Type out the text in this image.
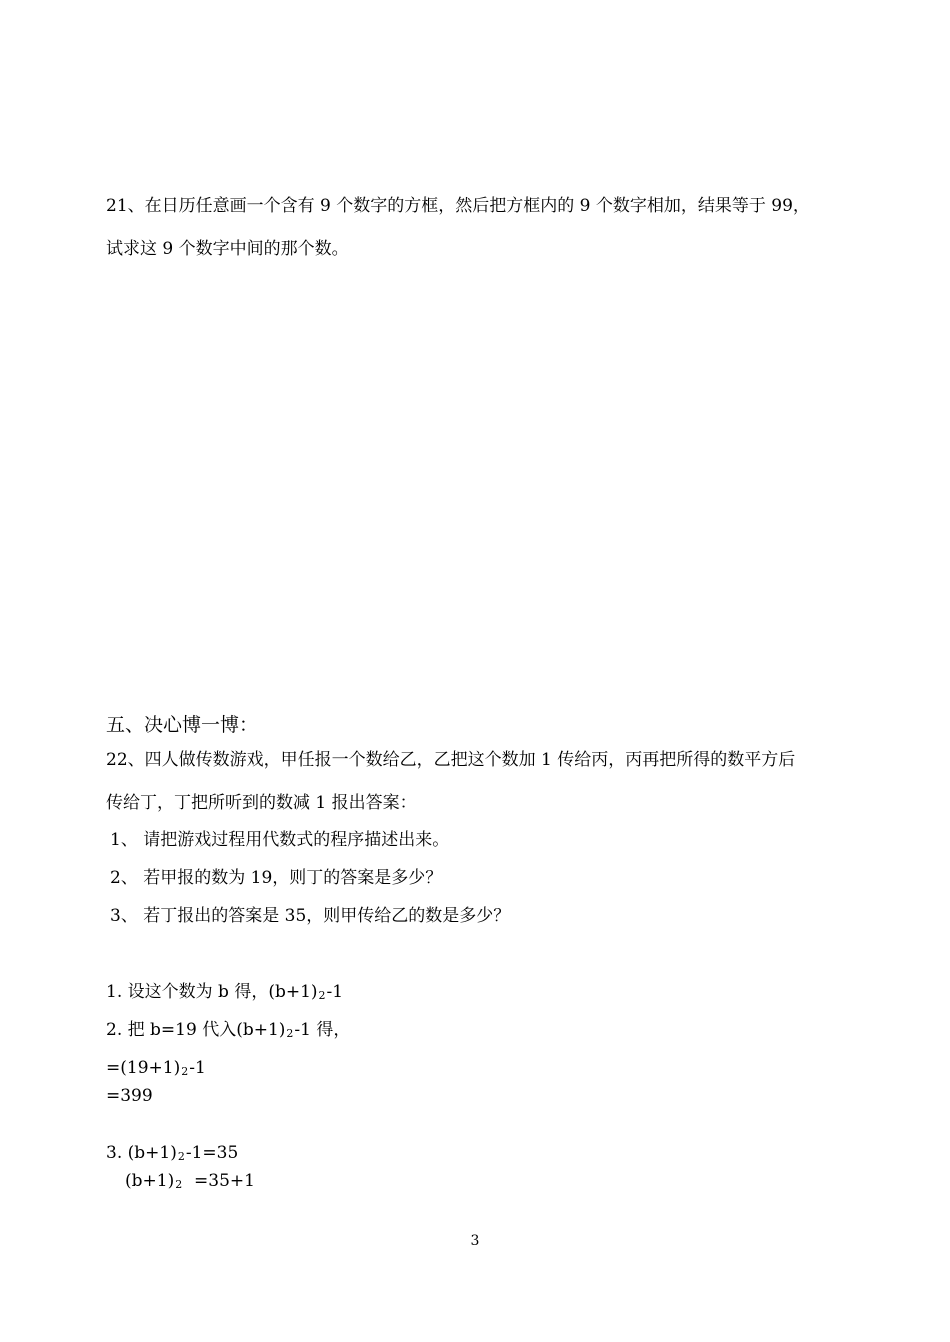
21、在日历任意画一个含有 9 个数字的方框，然后把方框内的 9 个数字相加，结果等于 99，
试求这 9 个数字中间的那个数。
五、决心博一博：
22、四人做传数游戏，甲任报一个数给乙，乙把这个数加 1 传给丙，丙再把所得的数平方后
传给丁，丁把所听到的数减 1 报出答案：
1、 请把游戏过程用代数式的程序描述出来。
2、 若甲报的数为 19，则丁的答案是多少？
3、 若丁报出的答案是 35，则甲传给乙的数是多少？
1. 设这个数为 b 得，(b+1)2-1
2. 把 b=19 代入(b+1)2-1 得，
=(19+1)2-1
=399
3. (b+1)2-1=35
(b+1)2  =35+1
3
